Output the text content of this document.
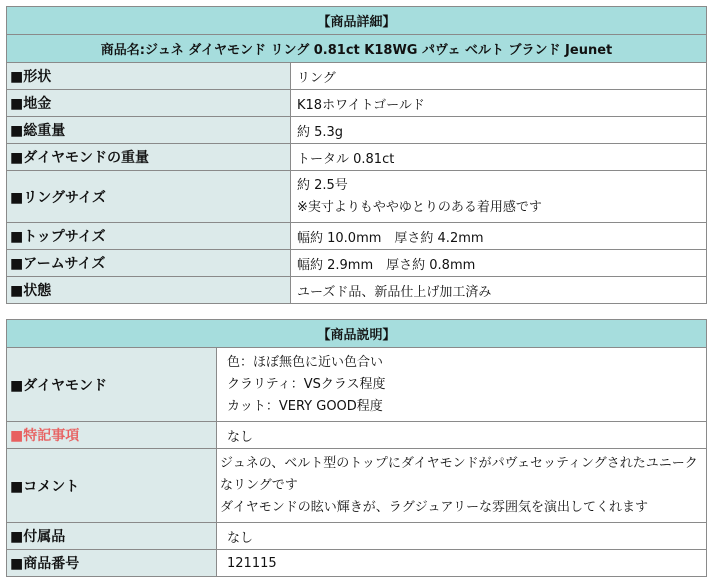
【商品詳細】	
商品名:ジュネ ダイヤモンド リング 0.81ct K18WG パヴェ ベルト ブランド Jeunet	
■形状	リング
■地金	K18ホワイトゴールド
■総重量	約 5.3g
■ダイヤモンドの重量	トータル 0.81ct
■リングサイズ	約 2.5号
※実寸よりもややゆとりのある着用感です

■トップサイズ	幅約 10.0mm　厚さ約 4.2mm
■アームサイズ	幅約 2.9mm　厚さ約 0.8mm
■状態	ユーズド品、新品仕上げ加工済み
【商品説明】	
■ダイヤモンド	色：ほぼ無色に近い色合い
クラリティ：VSクラス程度
カット：VERY GOOD程度

■特記事項	なし
■コメント	ジュネの、ベルト型のトップにダイヤモンドがパヴェセッティングされたユニークなリングです
ダイヤモンドの眩い輝きが、ラグジュアリーな雰囲気を演出してくれます

■付属品	なし
■商品番号	121115
